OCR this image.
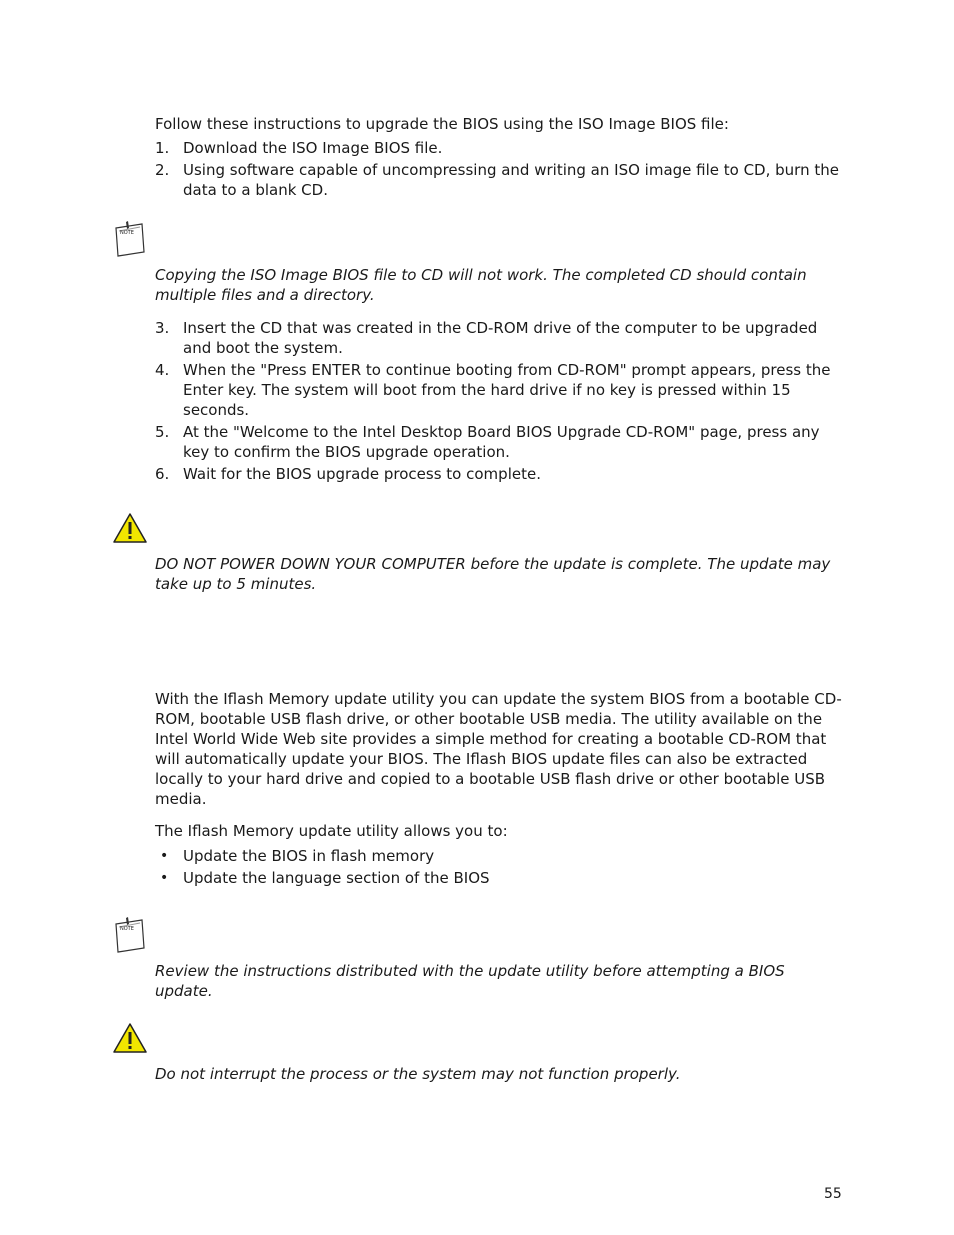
Follow these instructions to upgrade the BIOS using the ISO Image BIOS file:

1. Download the ISO Image BIOS file.

2. Using software capable of uncompressing and writing an ISO image file to CD, burn the data to a blank CD.

NOTE

Copying the ISO Image BIOS file to CD will not work. The completed CD should contain multiple files and a directory.

3. Insert the CD that was created in the CD-ROM drive of the computer to be upgraded and boot the system.

4. When the "Press ENTER to continue booting from CD-ROM" prompt appears, press the Enter key. The system will boot from the hard drive if no key is pressed within 15 seconds.

5. At the "Welcome to the Intel Desktop Board BIOS Upgrade CD-ROM" page, press any key to confirm the BIOS upgrade operation.

6. Wait for the BIOS upgrade process to complete.

DO NOT POWER DOWN YOUR COMPUTER before the update is complete. The update may take up to 5 minutes.

With the Iflash Memory update utility you can update the system BIOS from a bootable CD-ROM, bootable USB flash drive, or other bootable USB media. The utility available on the Intel World Wide Web site provides a simple method for creating a bootable CD-ROM that will automatically update your BIOS. The Iflash BIOS update files can also be extracted locally to your hard drive and copied to a bootable USB flash drive or other bootable USB media.

The Iflash Memory update utility allows you to:

• Update the BIOS in flash memory

• Update the language section of the BIOS

NOTE

Review the instructions distributed with the update utility before attempting a BIOS update.

Do not interrupt the process or the system may not function properly.

55
